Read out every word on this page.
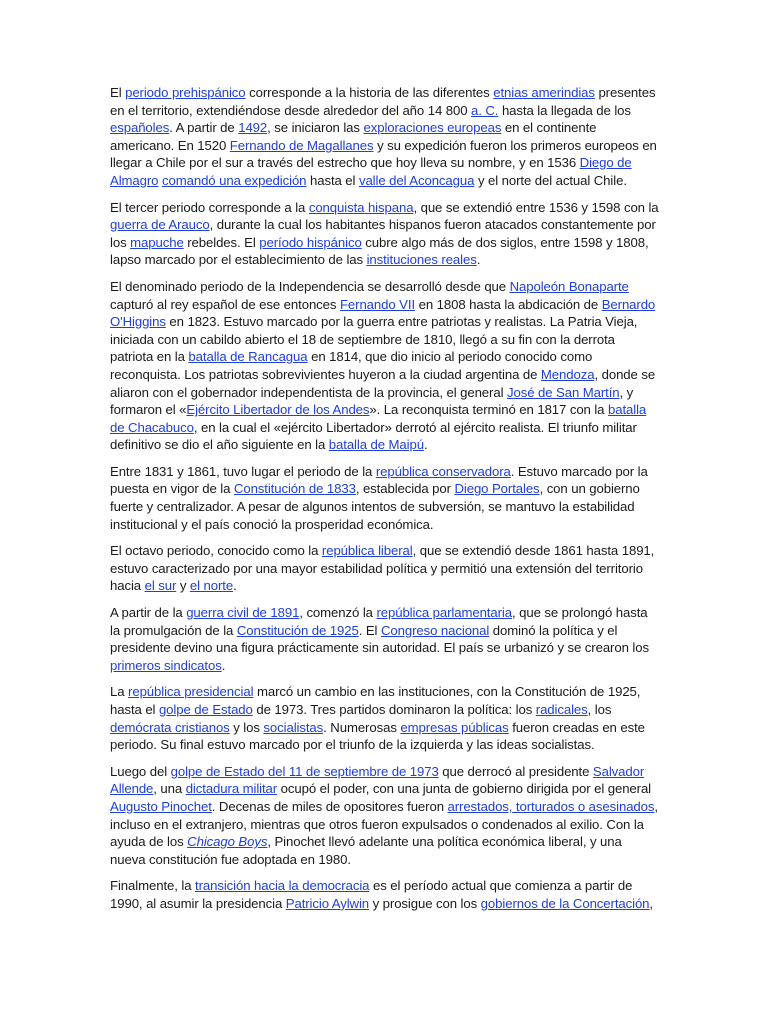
El periodo prehispánico corresponde a la historia de las diferentes etnias amerindias presentes en el territorio, extendiéndose desde alrededor del año 14 800 a. C. hasta la llegada de los españoles. A partir de 1492, se iniciaron las exploraciones europeas en el continente americano. En 1520 Fernando de Magallanes y su expedición fueron los primeros europeos en llegar a Chile por el sur a través del estrecho que hoy lleva su nombre, y en 1536 Diego de Almagro comandó una expedición hasta el valle del Aconcagua y el norte del actual Chile.

El tercer periodo corresponde a la conquista hispana, que se extendió entre 1536 y 1598 con la guerra de Arauco, durante la cual los habitantes hispanos fueron atacados constantemente por los mapuche rebeldes. El período hispánico cubre algo más de dos siglos, entre 1598 y 1808, lapso marcado por el establecimiento de las instituciones reales.

El denominado periodo de la Independencia se desarrolló desde que Napoleón Bonaparte capturó al rey español de ese entonces Fernando VII en 1808 hasta la abdicación de Bernardo O'Higgins en 1823. Estuvo marcado por la guerra entre patriotas y realistas. La Patria Vieja, iniciada con un cabildo abierto el 18 de septiembre de 1810, llegó a su fin con la derrota patriota en la batalla de Rancagua en 1814, que dio inicio al periodo conocido como reconquista. Los patriotas sobrevivientes huyeron a la ciudad argentina de Mendoza, donde se aliaron con el gobernador independentista de la provincia, el general José de San Martín, y formaron el «Ejército Libertador de los Andes». La reconquista terminó en 1817 con la batalla de Chacabuco, en la cual el «ejército Libertador» derrotó al ejército realista. El triunfo militar definitivo se dio el año siguiente en la batalla de Maipú.

Entre 1831 y 1861, tuvo lugar el periodo de la república conservadora. Estuvo marcado por la puesta en vigor de la Constitución de 1833, establecida por Diego Portales, con un gobierno fuerte y centralizador. A pesar de algunos intentos de subversión, se mantuvo la estabilidad institucional y el país conoció la prosperidad económica.

El octavo periodo, conocido como la república liberal, que se extendió desde 1861 hasta 1891, estuvo caracterizado por una mayor estabilidad política y permitió una extensión del territorio hacia el sur y el norte.

A partir de la guerra civil de 1891, comenzó la república parlamentaria, que se prolongó hasta la promulgación de la Constitución de 1925. El Congreso nacional dominó la política y el presidente devino una figura prácticamente sin autoridad. El país se urbanizó y se crearon los primeros sindicatos.

La república presidencial marcó un cambio en las instituciones, con la Constitución de 1925, hasta el golpe de Estado de 1973. Tres partidos dominaron la política: los radicales, los demócrata cristianos y los socialistas. Numerosas empresas públicas fueron creadas en este periodo. Su final estuvo marcado por el triunfo de la izquierda y las ideas socialistas.

Luego del golpe de Estado del 11 de septiembre de 1973 que derrocó al presidente Salvador Allende, una dictadura militar ocupó el poder, con una junta de gobierno dirigida por el general Augusto Pinochet. Decenas de miles de opositores fueron arrestados, torturados o asesinados, incluso en el extranjero, mientras que otros fueron expulsados o condenados al exilio. Con la ayuda de los Chicago Boys, Pinochet llevó adelante una política económica liberal, y una nueva constitución fue adoptada en 1980.

Finalmente, la transición hacia la democracia es el período actual que comienza a partir de 1990, al asumir la presidencia Patricio Aylwin y prosigue con los gobiernos de la Concertación,
